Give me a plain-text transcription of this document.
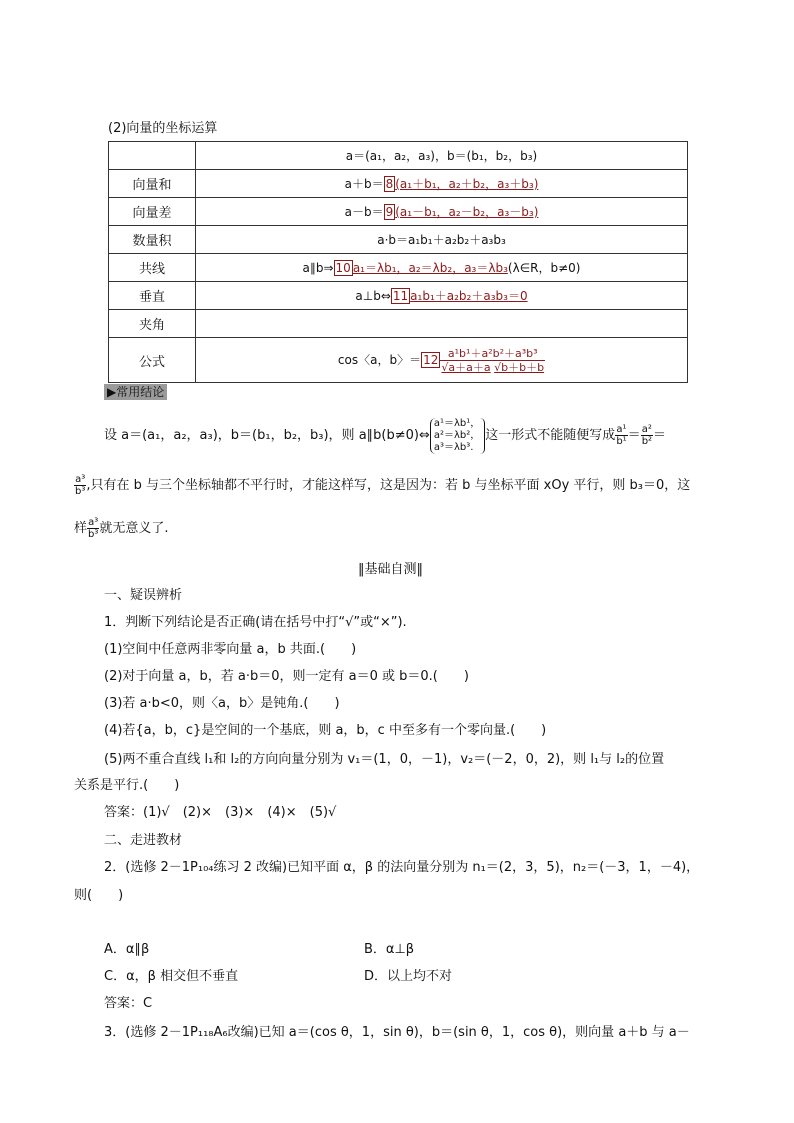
(2)向量的坐标运算
	a＝(a₁，a₂，a₃)，b＝(b₁，b₂，b₃)
向量和	a＋b＝ 8 (a₁＋b₁，a₂＋b₂，a₃＋b₃)
向量差	a－b＝ 9 (a₁－b₁，a₂－b₂，a₃－b₃)
数量积	a·b＝a₁b₁＋a₂b₂＋a₃b₃
共线	a∥b⇒ 10 a₁＝λb₁，a₂＝λb₂，a₃＝λb₃(λ∈R，b≠0)
垂直	a⊥b⇔ 11 a₁b₁＋a₂b₂＋a₃b₃＝0
夹角	
公式	cos〈a，b〉＝ $12 \frac{\text{a¹b¹＋a²b²＋a³b³}}{√a+a+a √b+b+b}$
▶常用结论
设 a＝(a₁，a₂，a₃)，b＝(b₁，b₂，b₃)，则 a∥b(b≠0)⇔
a¹＝λb¹，
a²＝λb²，
a³＝λb³.
这一形式不能随便写成 $\frac{\text{a¹}}{\text{b¹}} = \frac{\text{a²}}{\text{b²}}$ ＝
$\frac{\text{a³}}{\text{b³}}$ ,只有在 b 与三个坐标轴都不平行时，才能这样写，这是因为：若 b 与坐标平面 xOy 平行，则 b₃＝0，这
样 $\frac{\text{a³}}{\text{b³}}$ 就无意义了.
‖基础自测‖
一、疑误辨析
1．判断下列结论是否正确(请在括号中打“√”或“×”).
(1)空间中任意两非零向量 a，b 共面.(　　)
(2)对于向量 a，b，若 a·b＝0，则一定有 a＝0 或 b＝0.(　　)
(3)若 a·b<0，则〈a，b〉是钝角.(　　)
(4)若{a，b，c}是空间的一个基底，则 a，b，c 中至多有一个零向量.(　　)
(5)两不重合直线 l₁和 l₂的方向向量分别为 v₁＝(1，0，－1)，v₂＝(－2，0，2)，则 l₁与 l₂的位置
关系是平行.(　　)
答案：(1)√　(2)×　(3)×　(4)×　(5)√
二、走进教材
2．(选修 2－1P₁₀₄练习 2 改编)已知平面 α，β 的法向量分别为 n₁＝(2，3，5)，n₂＝(－3，1，－4)，
则(　　)
A．α∥β	B．α⊥β
C．α，β 相交但不垂直	D．以上均不对
答案：C
3．(选修 2－1P₁₁₈A₆改编)已知 a＝(cos θ，1，sin θ)，b＝(sin θ，1，cos θ)，则向量 a＋b 与 a－
